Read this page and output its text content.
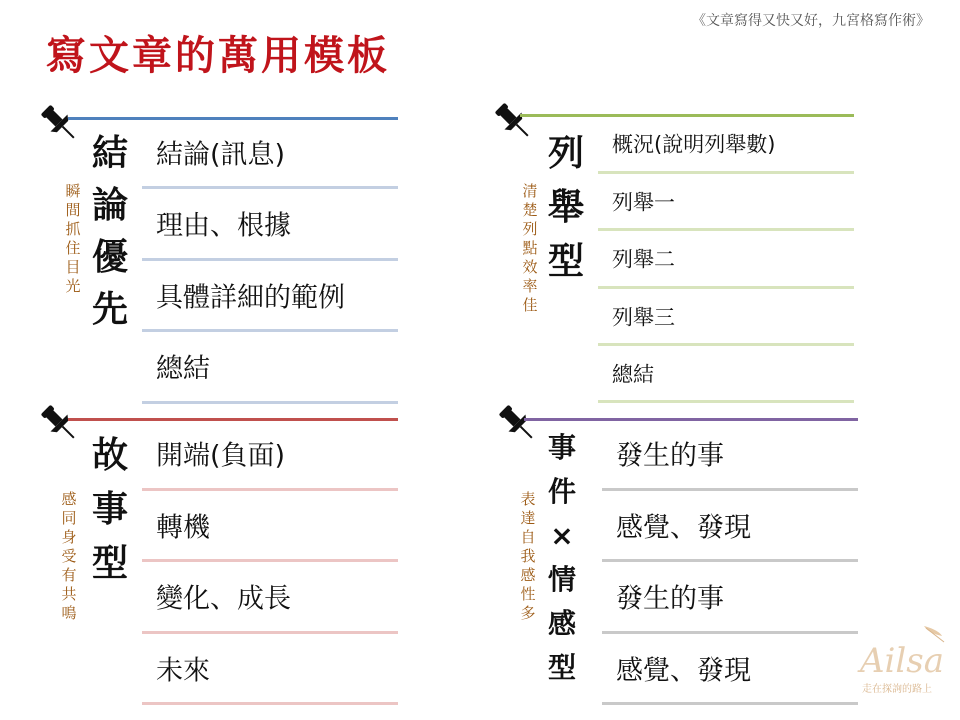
《文章寫得又快又好，九宮格寫作術》
寫文章的萬用模板
結
論
優
先
瞬
間
抓
住
目
光
結論(訊息)
理由、根據
具體詳細的範例
總結
列
舉
型
清
楚
列
點
效
率
佳
概況(說明列舉數)
列舉一
列舉二
列舉三
總結
故
事
型
感
同
身
受
有
共
鳴
開端(負面)
轉機
變化、成長
未來
事
件
×
情
感
型
表
達
自
我
感
性
多
發生的事
感覺、發現
發生的事
感覺、發現	Ailsa
走在探詢的路上
